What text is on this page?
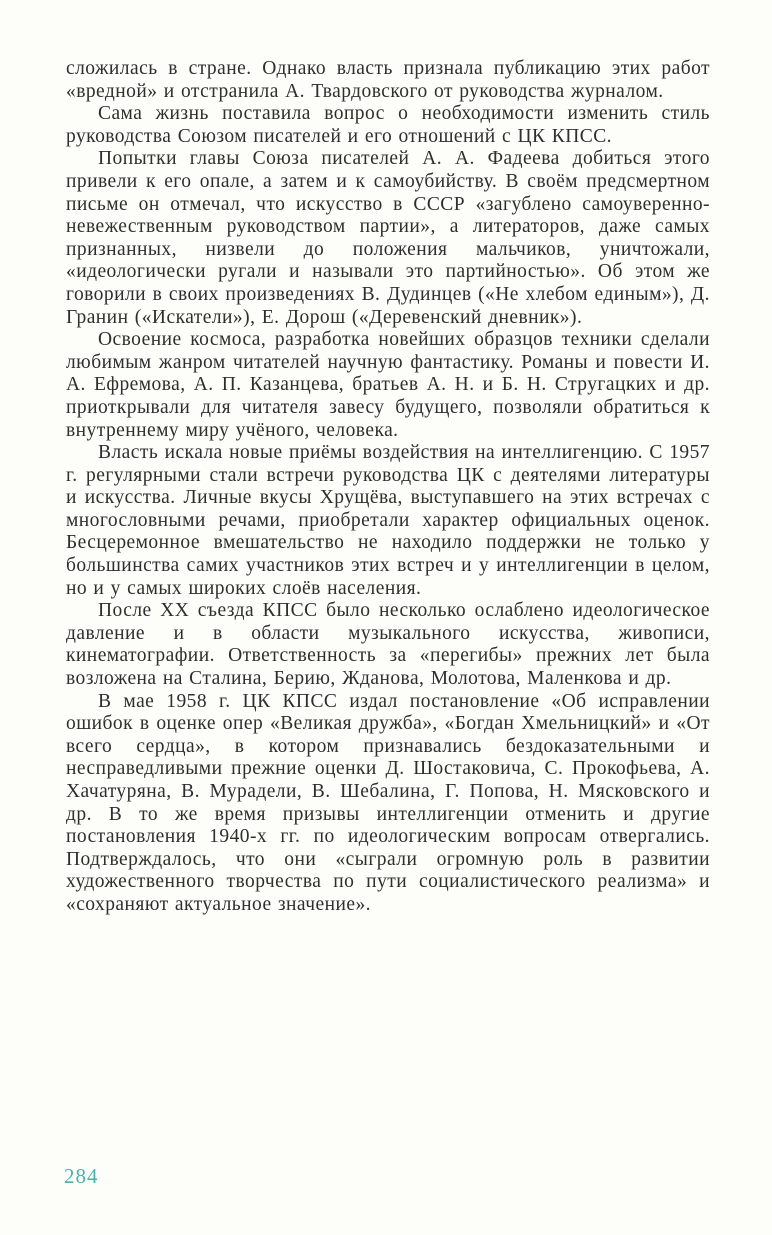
сложилась в стране. Однако власть признала публикацию этих работ «вредной» и отстранила А. Твардовского от руководства журналом.

Сама жизнь поставила вопрос о необходимости изменить стиль руководства Союзом писателей и его отношений с ЦК КПСС.

Попытки главы Союза писателей А. А. Фадеева добиться этого привели к его опале, а затем и к самоубийству. В своём предсмертном письме он отмечал, что искусство в СССР «загублено самоуверенно-невежественным руководством партии», а литераторов, даже самых признанных, низвели до положения мальчиков, уничтожали, «идеологически ругали и называли это партийностью». Об этом же говорили в своих произведениях В. Дудинцев («Не хлебом единым»), Д. Гранин («Искатели»), Е. Дорош («Деревенский дневник»).

Освоение космоса, разработка новейших образцов техники сделали любимым жанром читателей научную фантастику. Романы и повести И. А. Ефремова, А. П. Казанцева, братьев А. Н. и Б. Н. Стругацких и др. приоткрывали для читателя завесу будущего, позволяли обратиться к внутреннему миру учёного, человека.

Власть искала новые приёмы воздействия на интеллигенцию. С 1957 г. регулярными стали встречи руководства ЦК с деятелями литературы и искусства. Личные вкусы Хрущёва, выступавшего на этих встречах с многословными речами, приобретали характер официальных оценок. Бесцеремонное вмешательство не находило поддержки не только у большинства самих участников этих встреч и у интеллигенции в целом, но и у самых широких слоёв населения.

После XX съезда КПСС было несколько ослаблено идеологическое давление и в области музыкального искусства, живописи, кинематографии. Ответственность за «перегибы» прежних лет была возложена на Сталина, Берию, Жданова, Молотова, Маленкова и др.

В мае 1958 г. ЦК КПСС издал постановление «Об исправлении ошибок в оценке опер «Великая дружба», «Богдан Хмельницкий» и «От всего сердца», в котором признавались бездоказательными и несправедливыми прежние оценки Д. Шостаковича, С. Прокофьева, А. Хачатуряна, В. Мурадели, В. Шебалина, Г. Попова, Н. Мясковского и др. В то же время призывы интеллигенции отменить и другие постановления 1940-х гг. по идеологическим вопросам отвергались. Подтверждалось, что они «сыграли огромную роль в развитии художественного творчества по пути социалистического реализма» и «сохраняют актуальное значение».

284
